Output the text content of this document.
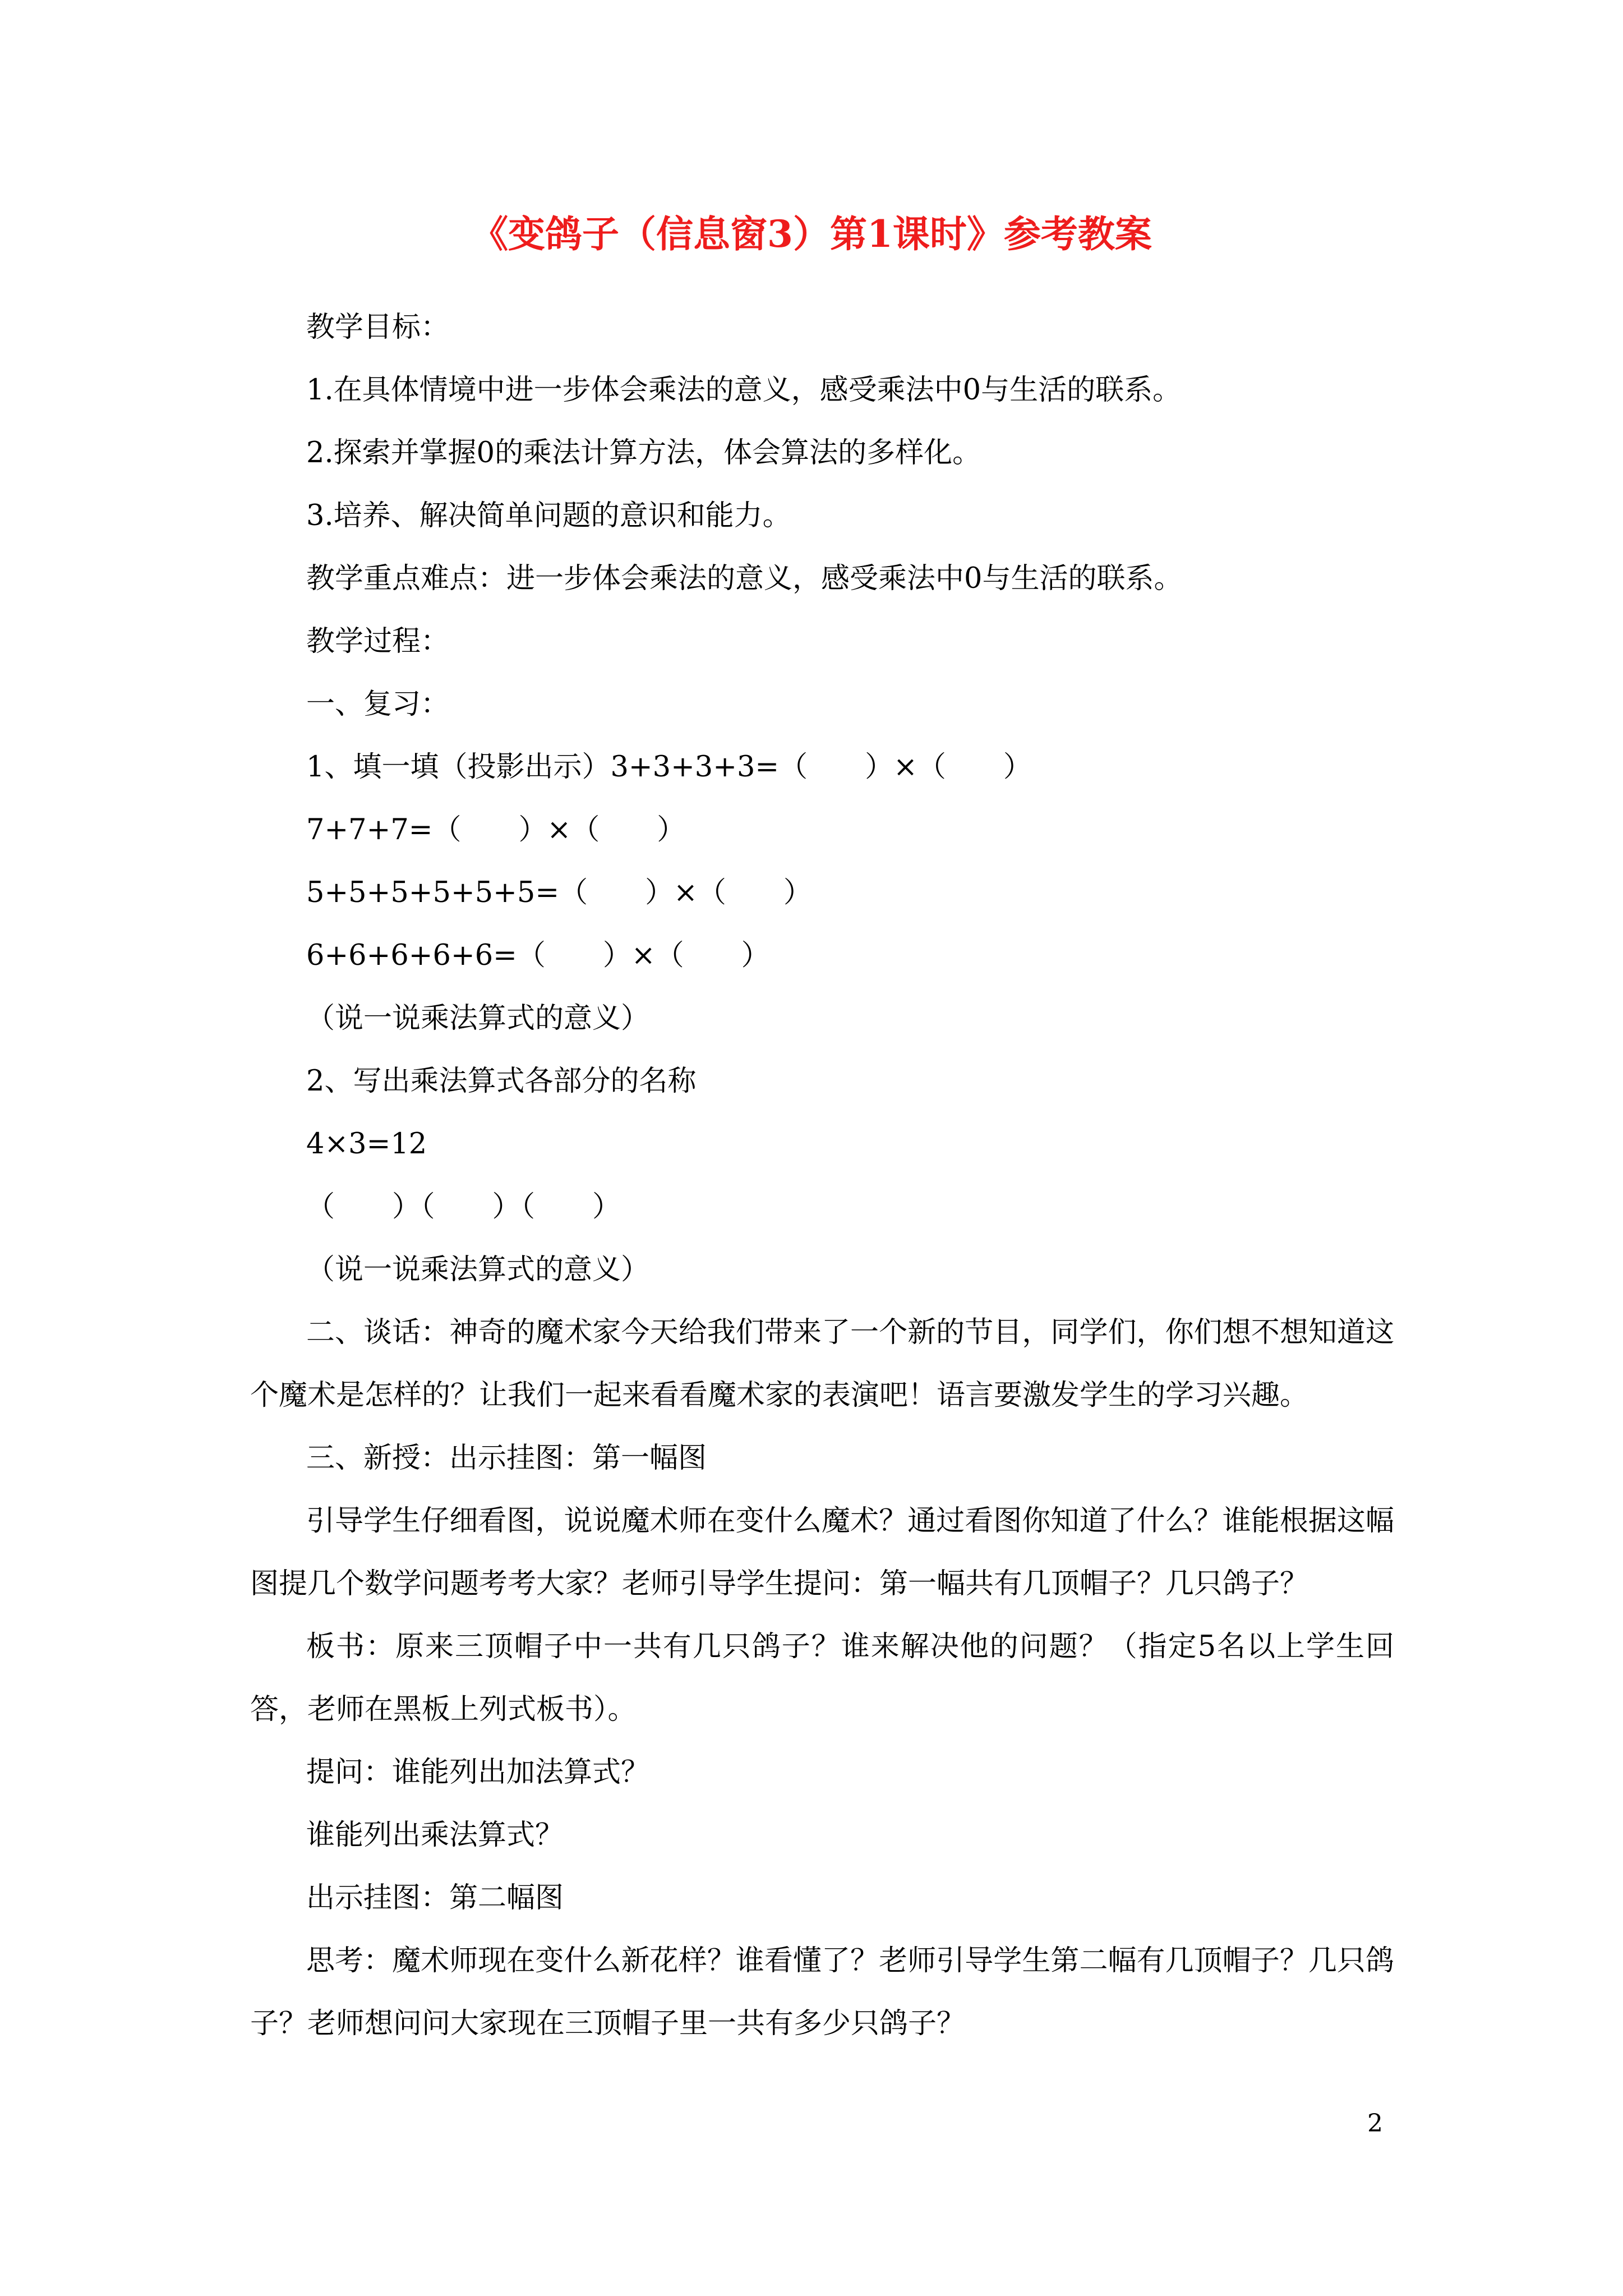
《变鸽子（信息窗3）第1课时》参考教案

教学目标：

1.在具体情境中进一步体会乘法的意义，感受乘法中0与生活的联系。

2.探索并掌握0的乘法计算方法，体会算法的多样化。

3.培养、解决简单问题的意识和能力。

教学重点难点：进一步体会乘法的意义，感受乘法中0与生活的联系。

教学过程：

一、复习：

1、填一填（投影出示）3+3+3+3=（　　）×（　　）

7+7+7=（　　）×（　　）

5+5+5+5+5+5=（　　）×（　　）

6+6+6+6+6=（　　）×（　　）

（说一说乘法算式的意义）

2、写出乘法算式各部分的名称

4×3=12

（　　）（　　）（　　）

（说一说乘法算式的意义）

二、谈话：神奇的魔术家今天给我们带来了一个新的节目，同学们，你们想不想知道这个魔术是怎样的？让我们一起来看看魔术家的表演吧！语言要激发学生的学习兴趣。

三、新授：出示挂图：第一幅图

引导学生仔细看图，说说魔术师在变什么魔术？通过看图你知道了什么？谁能根据这幅图提几个数学问题考考大家？老师引导学生提问：第一幅共有几顶帽子？几只鸽子？

板书：原来三顶帽子中一共有几只鸽子？谁来解决他的问题？（指定5名以上学生回答，老师在黑板上列式板书）。

提问：谁能列出加法算式？

谁能列出乘法算式？

出示挂图：第二幅图

思考：魔术师现在变什么新花样？谁看懂了？老师引导学生第二幅有几顶帽子？几只鸽子？老师想问问大家现在三顶帽子里一共有多少只鸽子？

2
